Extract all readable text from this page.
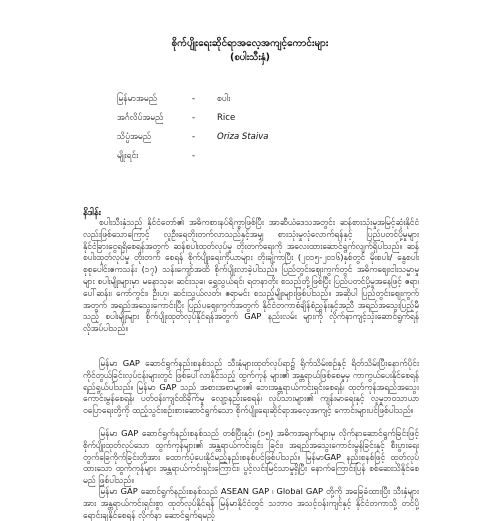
စိုက်ပျိုးရေးဆိုင်ရာအလေ့အကျင့်ကောင်းများ
(စပါးသီးနှံ)
မြန်မာအမည်	-	စပါး
အင်္ဂလိပ်အမည်	-	Rice
သိပ္ပံအမည်	-	Oriza Staiva
မျိုးရင်း	-
နိဒါန်း

စပါးသီးနှံသည် နိုင်ငံတော်၏ အဓိကစားနပ်ရိက္ခာဖြစ်ပြီး အာဆီယံဒေသအတွင်း ဆန်စားသုံးမှုအမြင့်ဆုံးနိုင်ငံလည်းဖြစ်သောကြောင့် လူဦးရေတိုးတက်လာသည်နှင့်အမျှ စားသုံးမှုလုံလောက်ရန်နှင့် ပြည်ပတင်ပို့မှုများ နိုင်ငံခြားငွေရရှိစေရန်အတွက် ဆန်စပါးထုတ်လုပ်မှု တိုးတက်ရေးကို အလေးထားဆောင်ရွက်လျက်ရှိပါသည်။ ဆန်စပါးထုတ်လုပ်မှု တိုးတက် စေရန် စိုက်ပျိုးရေးကိုယာများ တိုးချဲ့ကာပြီး (၂၀၁၅-၂၀၁၆)နှစ်တွင် မိုးစပါး/ နွေစပါး စုစုပေါင်းဧကသန်း (၁၇) သန်းကျော်အထိ စိုက်ပျိုးလာခဲ့ပါသည်။ ပြည်တွင်းဈေးကွက်တွင် အဓိကစျေးငါးသမ္မာမှုများ စပါးမျိုးများမှာ မနောသုခ၊ ဆင်းသုခ၊ ရွှေသွယ်ရင်၊ ရတနာတိုး စသည်တို့ဖြစ်ပြီး ပြည်ပတင်ပို့မှုအနေဖြင့် ဧရာ၊ ပေါ်ဆန်း၊ ကော်ကွင်း၊ ဦးဟု၊ ဆင်းသွယ်လတ်၊ ဧရာမင်း စသည့်မျိုးများဖြစ်ပါသည်။ အဆိုပါ ပြည်တွင်းဈေးကွက်အတွက် အရည်အသွေးကောင်းပြီး ပြည်ပဈေးကွက်အတွက် နိုင်ငံတကာစံချိန်စံညွှန်းနှင့်အညီ အရည်အသွေးပြည့်မီသည့် စပါးမျိုးများ စိုက်ပျိုးထုတ်လုပ်နိုင်ရန်အတွက် GAP နည်းလမ်း များကို လိုက်နာကျင့်သုံးဆောင်ရွက်ရန် လိုအပ်ပါသည်။

မြန်မာ GAP ဆောင်ရွက်နည်းစနစ်သည် သီးနှံများထုတ်လုပ်ရာ၌ ရိုက်သိမ်းစဉ်နှင့် ရိတ်သိမ်းပြီးနောက်ပိုင်း ကိုင်တွယ်ခြင်းလုပ်ငန်းများတွင် ဖြစ်ပေါ်လာနိုင်သည့် ထွက်ကုန် များ၏ အန္တရာယ်ဖြစ်စေမှုမှ ကာကွယ်ပေးနိုင်စေရန် ရည်ရွယ်ပါသည်။ မြန်မာ GAP သည် အစားအစာများ၏ ဘေးအန္တရာယ်ကင်းရှင်းစေရန်၊ ထုတ်ကုန်အရည်အသွေး ကောင်းမွန်စေရန်၊ ပတ်ဝန်းကျင်ထိခိုက်မှု လျော့နည်းစေရန်၊ လုပ်သားများ၏ ကျန်းမာရေးနှင့် လူမှုဘဝသာယာ ဝပြောရေးတို့ကို ထည့်သွင်းစဉ်းစားဆောင်ရွက်သော စိုက်ပျိုးရေးဆိုင်ရာအလေ့အကျင့် ကောင်းများပင်ဖြစ်ပါသည်။

မြန်မာ GAP ဆောင်ရွက်နည်းစနစ်သည် တစ်ပြီးနှင့်၊ (၁၅) အဓိကအချက်များမှ လိုက်နာဆောင်ရွက်ခြင်းဖြင့် စိုက်ပျိုးထုတ်လုပ်သော ထွက်ကုန်များ၏ အန္တရာယ်ကင်းရှင်း ခြင်း၊ အရည်အသွေးကောင်းမွန်ခြင်းနှင့် စီးပွားရေးတွက်ခြေကိုက်ခြင်းတို့အား ထောက်ပံ့ပေးနိုင်မည့်နည်းစနစ်ပင်ဖြစ်ပါသည်။ မြန်မာGAP နည်းစနစ်ဖြင့် ထုတ်လုပ်ထားသော ထွက်ကုန်များ အန္တရာယ်ကင်းရှင်းကြောင်း၊ ပွင့်လင်းမြင်သာမှုရှိပြီး နောက်ကြောင်းပြန် စစ်ဆေးသိနိုင်စေမည် ဖြစ်ပါသည်။

မြန်မာ GAP ဆောင်ရွက်နည်းစနစ်သည် ASEAN GAP ၊ Global GAP တို့ကို အခြေခံထားပြီး သီးနှံများအား အန္တရာယ်ကင်းရှင်းစွာ ထုတ်လုပ်နိုင်ရန် မြန်မာနိုင်ငံတွင် သဘာဝ အသင့်ဝန်းကျင်နှင့် နိုင်ငံတကာသို့ တင်ပို့ရောင်းချနိုင်စေရန် လိုက်နာ ဆောင်ရွက်ရမည့်
